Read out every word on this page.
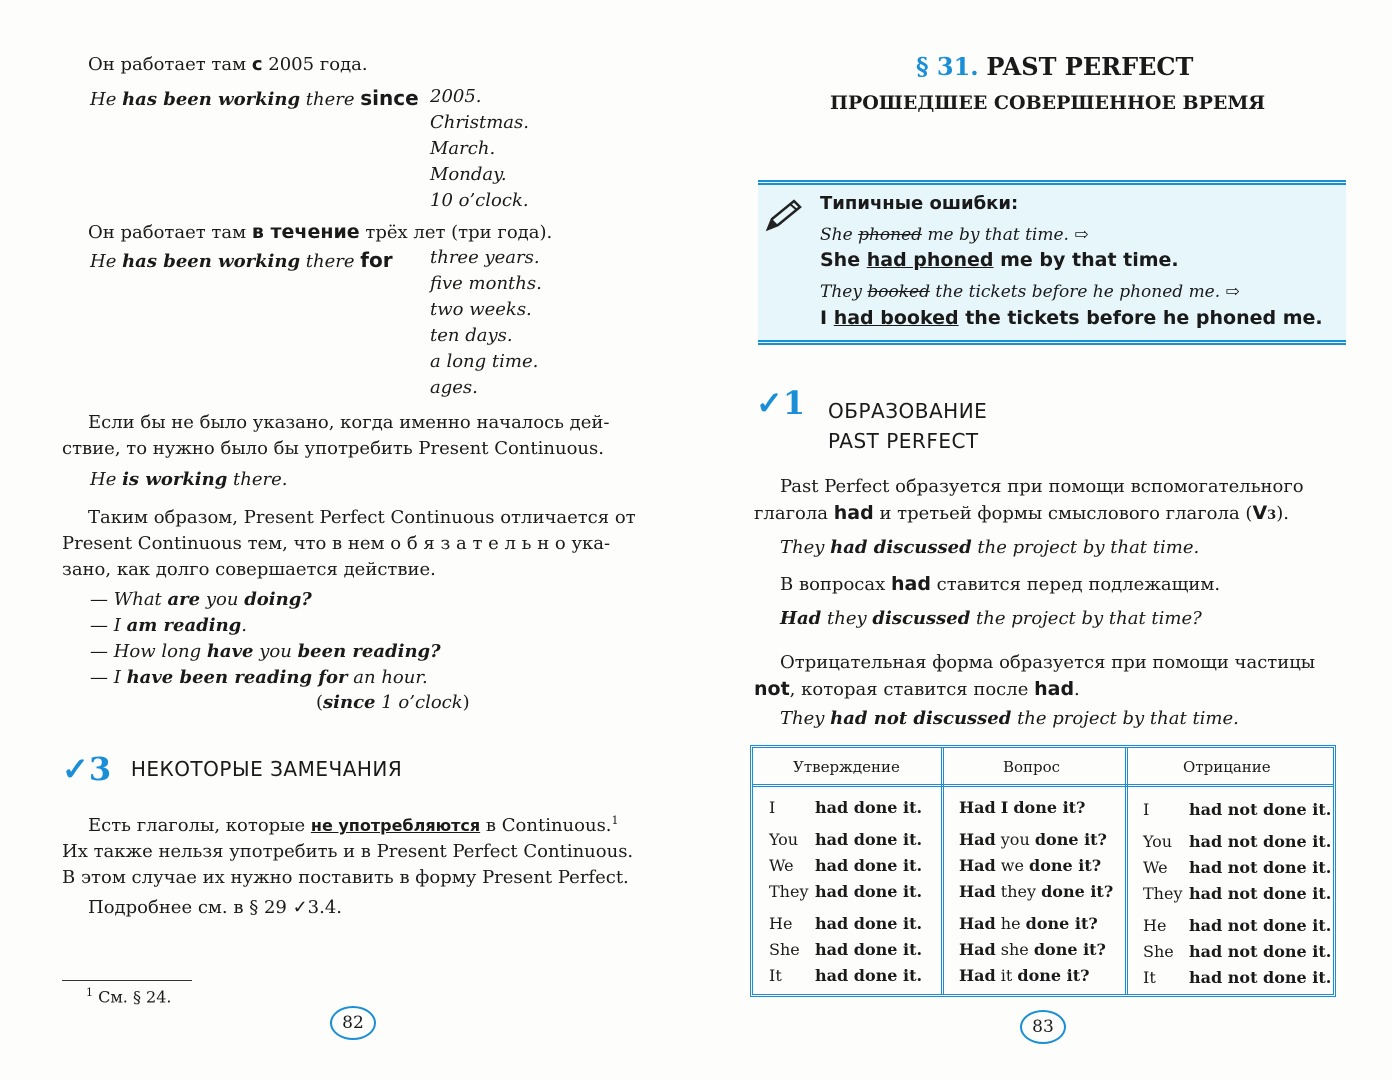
Он работает там с 2005 года.
He has been working there since 2005.
Christmas.
March.
Monday.
10 o’clock.
Он работает там в течение трёх лет (три года).
He has been working there for three years.
five months.
two weeks.
ten days.
a long time.
ages.
Если бы не было указано, когда именно началось дей-
ствие, то нужно было бы употребить Present Continuous.
He is working there.
Таким образом, Present Perfect Continuous отличается от
Present Continuous тем, что в нем о б я з а т е л ь н о ука-
зано, как долго совершается действие.
— What are you doing?
— I am reading.
— How long have you been reading?
— I have been reading for an hour.
(since 1 o’clock)
✓3 НЕКОТОРЫЕ ЗАМЕЧАНИЯ
Есть глаголы, которые не употребляются в Continuous.$^1$
Их также нельзя употребить и в Present Perfect Continuous.
В этом случае их нужно поставить в форму Present Perfect.
Подробнее см. в § 29 ✓3.4.
$^1$ См. § 24.
82
§ 31. PAST PERFECT
ПРОШЕДШЕЕ СОВЕРШЕННОЕ ВРЕМЯ
Типичные ошибки:
She phoned me by that time. ⇨
She had phoned me by that time.
They booked the tickets before he phoned me. ⇨
I had booked the tickets before he phoned me.
✓1 ОБРАЗОВАНИЕ
PAST PERFECT
Past Perfect образуется при помощи вспомогательного
глагола had и третьей формы смыслового глагола (V3).
They had discussed the project by that time.
В вопросах had ставится перед подлежащим.
Had they discussed the project by that time?
Отрицательная форма образуется при помощи частицы
not, которая ставится после had.
They had not discussed the project by that time.
Утверждение	Вопрос	Отрицание
I had done it.
You had done it.
We had done it.
They had done it.
He had done it.
She had done it.
It had done it.
Had I done it?
Had you done it?
Had we done it?
Had they done it?
Had he done it?
Had she done it?
Had it done it?
I had not done it.
You had not done it.
We had not done it.
They had not done it.
He had not done it.
She had not done it.
It had not done it.
83
